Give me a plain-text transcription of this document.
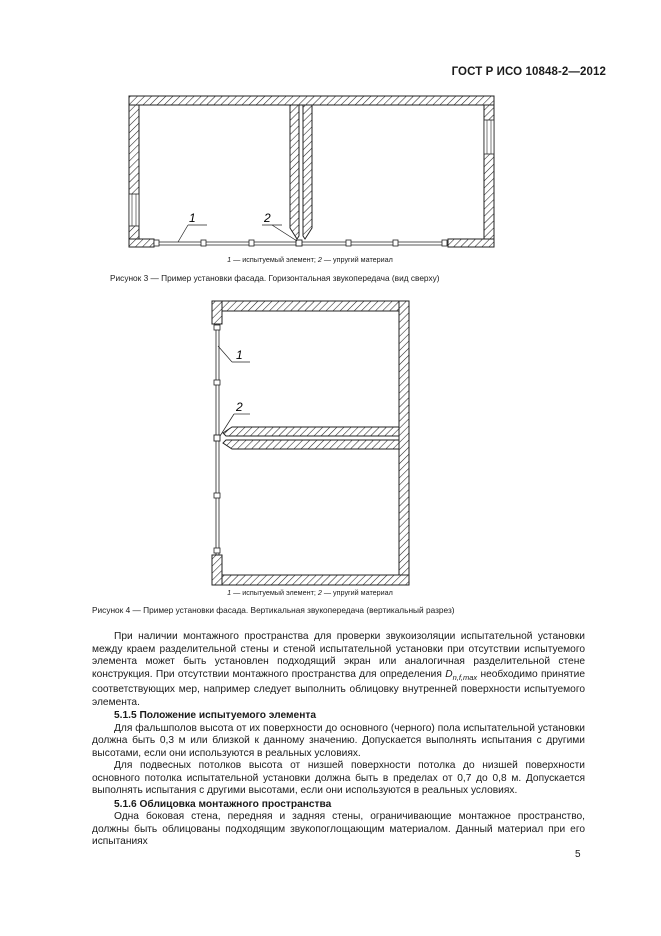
ГОСТ Р ИСО 10848-2—2012
1	2
1
2
1 — испытуемый элемент; 2 — упругий материал
Рисунок 3 — Пример установки фасада. Горизонтальная звукопередача (вид сверху)
1 — испытуемый элемент; 2 — упругий материал
Рисунок 4 — Пример установки фасада. Вертикальная звукопередача (вертикальный разрез)

При наличии монтажного пространства для проверки звукоизоляции испытательной установки между краем разделительной стены и стеной испытательной установки при отсутствии испытуемого элемента может быть установлен подходящий экран или аналогичная разделительной стене конструкция. При отсутствии монтажного пространства для определения $D_{n,f,max}$ необходимо принятие соответствующих мер, например следует выполнить облицовку внутренней поверхности испытуемого элемента.

5.1.5 Положение испытуемого элемента

Для фальшполов высота от их поверхности до основного (черного) пола испытательной установки должна быть 0,3 м или близкой к данному значению. Допускается выполнять испытания с другими высотами, если они используются в реальных условиях.

Для подвесных потолков высота от низшей поверхности потолка до низшей поверхности основного потолка испытательной установки должна быть в пределах от 0,7 до 0,8 м. Допускается выполнять испытания с другими высотами, если они используются в реальных условиях.

5.1.6 Облицовка монтажного пространства

Одна боковая стена, передняя и задняя стены, ограничивающие монтажное пространство, должны быть облицованы подходящим звукопоглощающим материалом. Данный материал при его испытаниях

5
